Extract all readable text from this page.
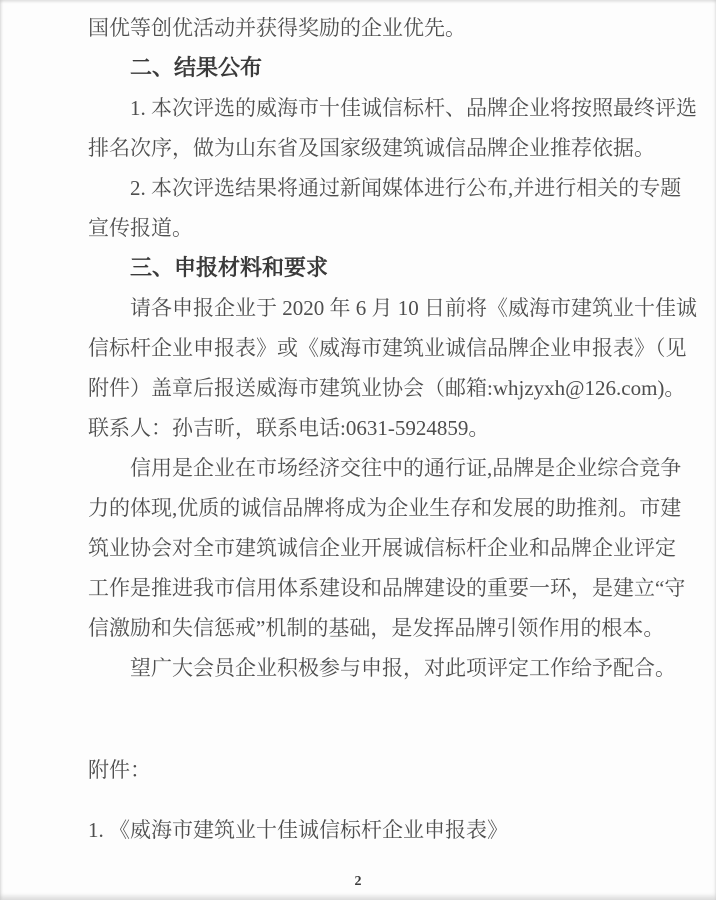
国优等创优活动并获得奖励的企业优先。
二、结果公布
1. 本次评选的威海市十佳诚信标杆、品牌企业将按照最终评选
排名次序，做为山东省及国家级建筑诚信品牌企业推荐依据。
2. 本次评选结果将通过新闻媒体进行公布,并进行相关的专题
宣传报道。
三、申报材料和要求
请各申报企业于 2020 年 6 月 10 日前将《威海市建筑业十佳诚
信标杆企业申报表》或《威海市建筑业诚信品牌企业申报表》（见
附件）盖章后报送威海市建筑业协会（邮箱:whjzyxh@126.com)。
联系人：孙吉昕，联系电话:0631-5924859。
信用是企业在市场经济交往中的通行证,品牌是企业综合竞争
力的体现,优质的诚信品牌将成为企业生存和发展的助推剂。市建
筑业协会对全市建筑诚信企业开展诚信标杆企业和品牌企业评定
工作是推进我市信用体系建设和品牌建设的重要一环，是建立“守
信激励和失信惩戒”机制的基础，是发挥品牌引领作用的根本。
望广大会员企业积极参与申报，对此项评定工作给予配合。
附件：
1. 《威海市建筑业十佳诚信标杆企业申报表》
2
